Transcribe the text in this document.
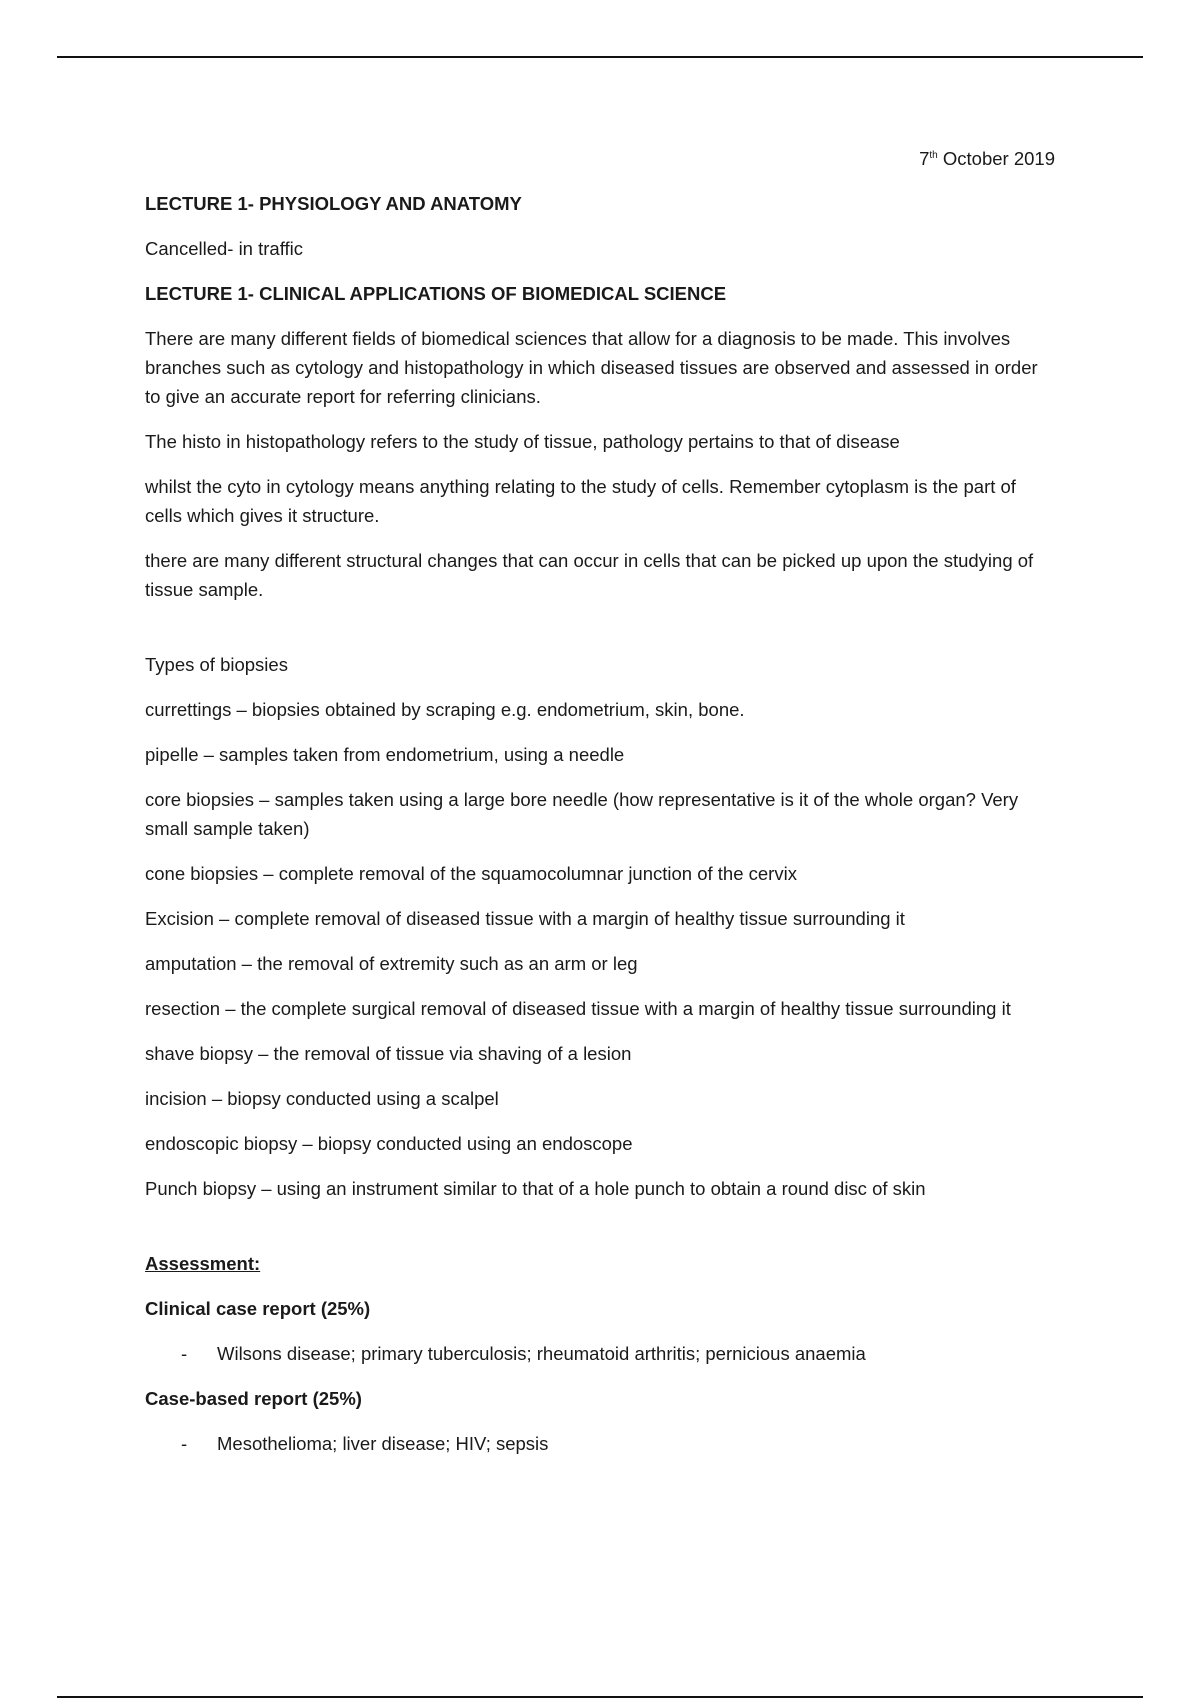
7th October 2019

LECTURE 1- PHYSIOLOGY AND ANATOMY

Cancelled- in traffic

LECTURE 1- CLINICAL APPLICATIONS OF BIOMEDICAL SCIENCE

There are many different fields of biomedical sciences that allow for a diagnosis to be made. This involves branches such as cytology and histopathology in which diseased tissues are observed and assessed in order to give an accurate report for referring clinicians.

The histo in histopathology refers to the study of tissue, pathology pertains to that of disease

whilst the cyto in cytology means anything relating to the study of cells. Remember cytoplasm is the part of cells which gives it structure.

there are many different structural changes that can occur in cells that can be picked up upon the studying of tissue sample.

Types of biopsies

currettings – biopsies obtained by scraping e.g. endometrium, skin, bone.

pipelle – samples taken from endometrium, using a needle

core biopsies – samples taken using a large bore needle (how representative is it of the whole organ? Very small sample taken)

cone biopsies – complete removal of the squamocolumnar junction of the cervix

Excision – complete removal of diseased tissue with a margin of healthy tissue surrounding it

amputation – the removal of extremity such as an arm or leg

resection – the complete surgical removal of diseased tissue with a margin of healthy tissue surrounding it

shave biopsy – the removal of tissue via shaving of a lesion

incision – biopsy conducted using a scalpel

endoscopic biopsy – biopsy conducted using an endoscope

Punch biopsy – using an instrument similar to that of a hole punch to obtain a round disc of skin

Assessment:

Clinical case report (25%)

-	Wilsons disease; primary tuberculosis; rheumatoid arthritis; pernicious anaemia

Case-based report (25%)

-	Mesothelioma; liver disease; HIV; sepsis
